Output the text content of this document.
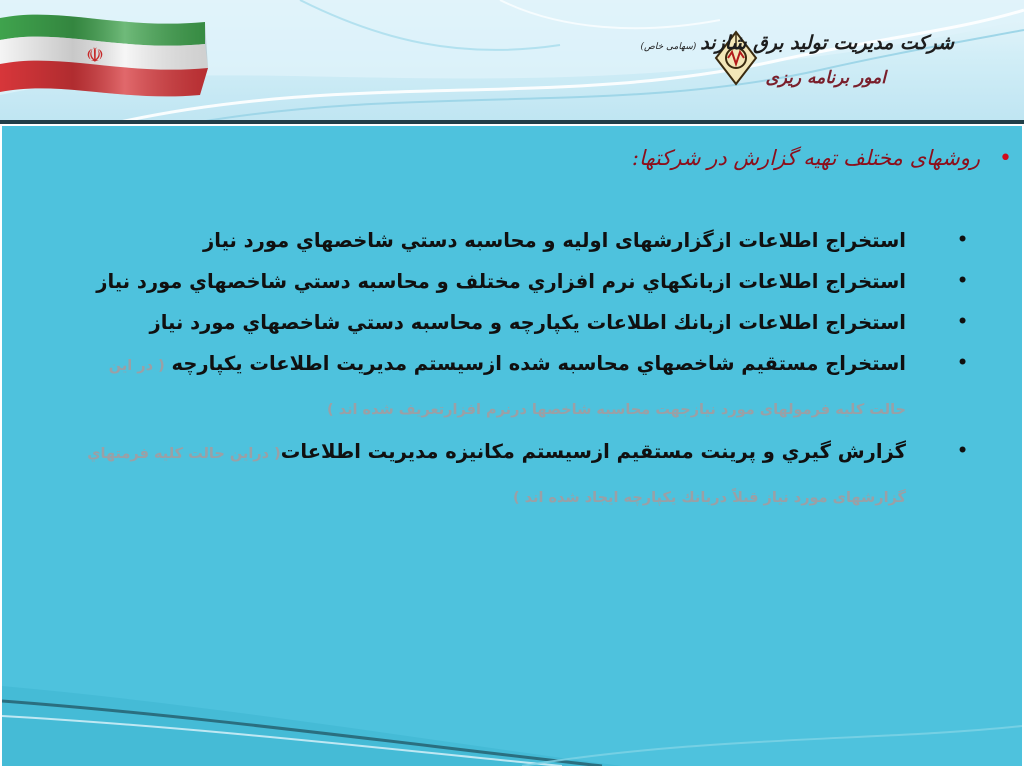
☫	شرکت مدیریت تولید برق شازند(سهامی خاص)
امور برنامه ریزی
•
روشهای مختلف تهیه گزارش در شرکتها:

•
استخراج اطلاعات ازگزارشهای اولیه و محاسبه دستي شاخصهاي مورد نیاز

•
استخراج اطلاعات ازبانکهاي نرم افزاري مختلف و محاسبه دستي شاخصهاي مورد نیاز

•
استخراج اطلاعات ازبانك اطلاعات يكپارچه و محاسبه دستي شاخصهاي مورد نیاز

•
استخراج مستقيم شاخصهاي محاسبه شده ازسيستم مديريت اطلاعات يكپارچه ( در این حالت کلیه فرمولهای مورد نیازجهت محاسبه شاخصها درنرم افزارتعریف شده اند )

•
گزارش گيري و پرينت مستقيم ازسيستم مكانيزه مديريت اطلاعات( دراین حالت کلیه فرمتهاي گزارشهای مورد نیاز قبلاً دربانك يكپارچه ایجاد شده اند )
